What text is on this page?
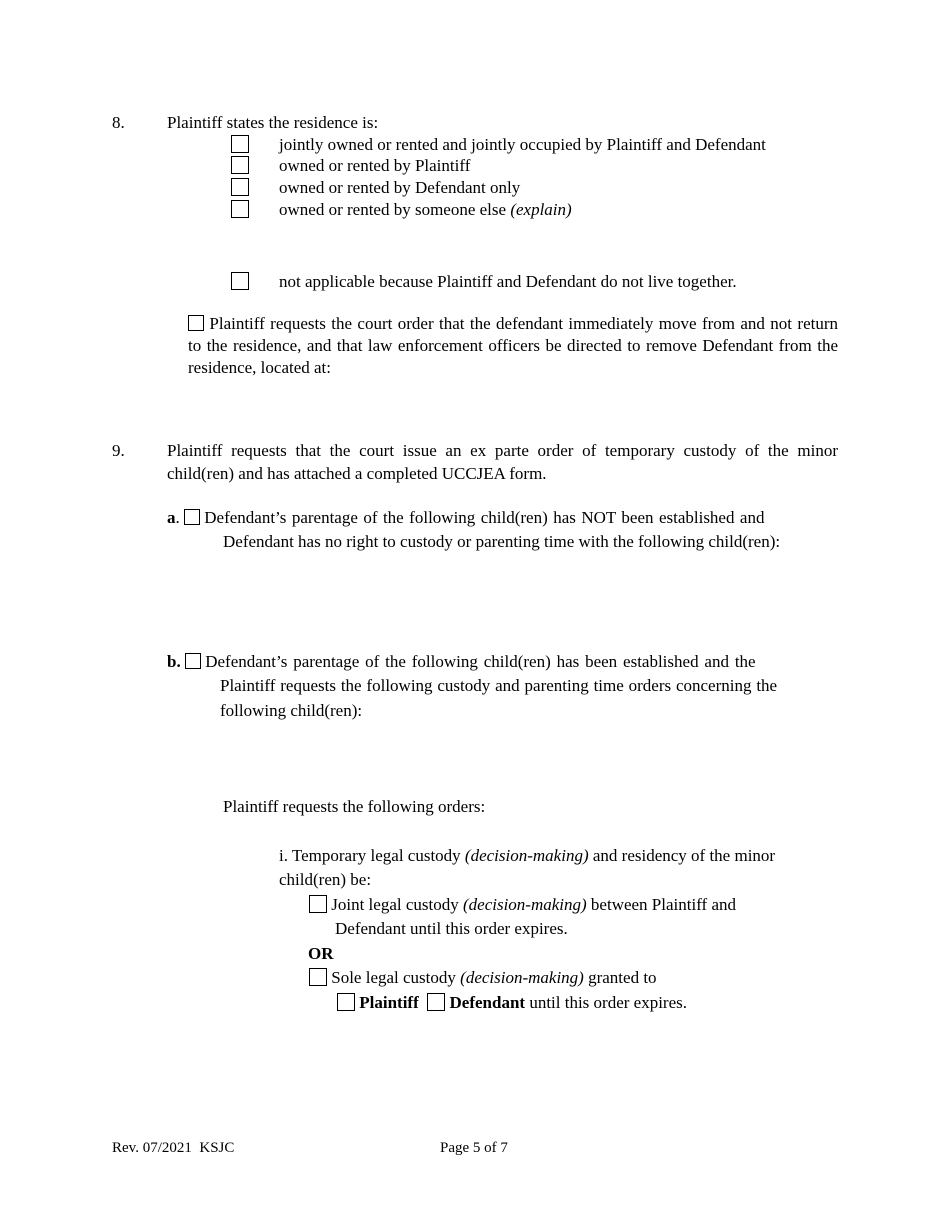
8. Plaintiff states the residence is:
jointly owned or rented and jointly occupied by Plaintiff and Defendant
owned or rented by Plaintiff
owned or rented by Defendant only
owned or rented by someone else (explain)
not applicable because Plaintiff and Defendant do not live together.
Plaintiff requests the court order that the defendant immediately move from and not return to the residence, and that law enforcement officers be directed to remove Defendant from the residence, located at:
9. Plaintiff requests that the court issue an ex parte order of temporary custody of the minor child(ren) and has attached a completed UCCJEA form.
a. Defendant’s parentage of the following child(ren) has NOT been established and
Defendant has no right to custody or parenting time with the following child(ren):
b. Defendant’s parentage of the following child(ren) has been established and the
Plaintiff requests the following custody and parenting time orders concerning the
following child(ren):
Plaintiff requests the following orders:
i. Temporary legal custody (decision-making) and residency of the minor
child(ren) be:
Joint legal custody (decision-making) between Plaintiff and
Defendant until this order expires.
OR
Sole legal custody (decision-making) granted to
Plaintiff Defendant until this order expires.
Rev. 07/2021  KSJC	Page 5 of 7
